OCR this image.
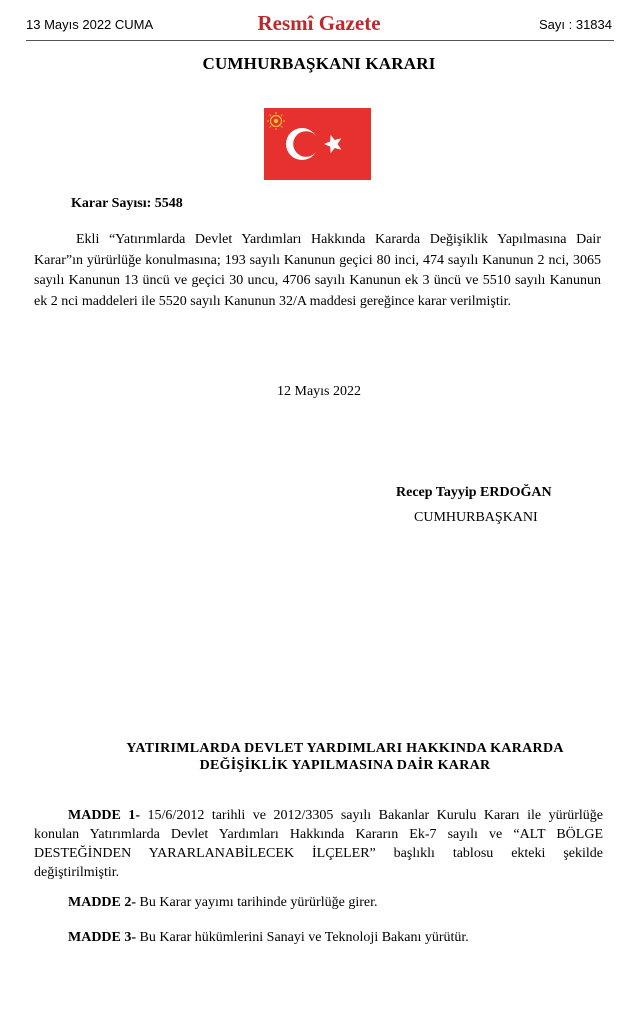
13 Mayıs 2022 CUMA	Resmî Gazete	Sayı : 31834
CUMHURBAŞKANI KARARI
Karar Sayısı: 5548
Ekli “Yatırımlarda Devlet Yardımları Hakkında Kararda Değişiklik Yapılmasına Dair Karar”ın yürürlüğe konulmasına; 193 sayılı Kanunun geçici 80 inci, 474 sayılı Kanunun 2 nci, 3065 sayılı Kanunun 13 üncü ve geçici 30 uncu, 4706 sayılı Kanunun ek 3 üncü ve 5510 sayılı Kanunun ek 2 nci maddeleri ile 5520 sayılı Kanunun 32/A maddesi gereğince karar verilmiştir.
12 Mayıs 2022
Recep Tayyip ERDOĞAN
CUMHURBAŞKANI
YATIRIMLARDA DEVLET YARDIMLARI HAKKINDA KARARDA
DEĞİŞİKLİK YAPILMASINA DAİR KARAR
MADDE 1- 15/6/2012 tarihli ve 2012/3305 sayılı Bakanlar Kurulu Kararı ile yürürlüğe konulan Yatırımlarda Devlet Yardımları Hakkında Kararın Ek-7 sayılı ve “ALT BÖLGE DESTEĞİNDEN YARARLANABİLECEK İLÇELER” başlıklı tablosu ekteki şekilde değiştirilmiştir.
MADDE 2- Bu Karar yayımı tarihinde yürürlüğe girer.
MADDE 3- Bu Karar hükümlerini Sanayi ve Teknoloji Bakanı yürütür.
